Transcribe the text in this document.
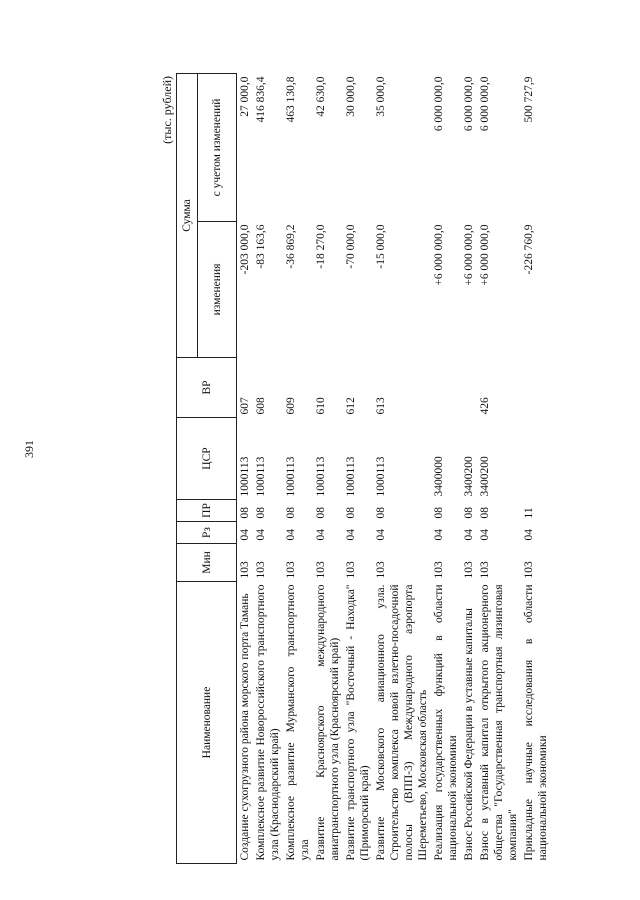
391
(тыс. рублей)
Наименование	Мин	Рз	ПР	ЦСР	ВР	Сумма	
						изменения	с учетом изменений
Создание сухогрузного района морского порта Тамань	103	04	08	1000113	607	-203 000,0	27 000,0
Комплексное развитие Новороссийского транспортного узла (Краснодарский край)	103	04	08	1000113	608	-83 163,6	416 836,4
Комплексное развитие Мурманского транспортного узла	103	04	08	1000113	609	-36 869,2	463 130,8
Развитие Красноярского международного авиатранспортного узла (Красноярский край)	103	04	08	1000113	610	-18 270,0	42 630,0
Развитие транспортного узла "Восточный - Находка" (Приморский край)	103	04	08	1000113	612	-70 000,0	30 000,0
Развитие Московского авиационного узла. Строительство комплекса новой взлетно-посадочной полосы (ВПП-3) Международного аэропорта Шереметьево, Московская область	103	04	08	1000113	613	-15 000,0	35 000,0
Реализация государственных функций в области национальной экономики	103	04	08	3400000		+6 000 000,0	6 000 000,0
Взнос Российской Федерации в уставные капиталы	103	04	08	3400200		+6 000 000,0	6 000 000,0
Взнос в уставный капитал открытого акционерного общества "Государственная транспортная лизинговая компания"	103	04	08	3400200	426	+6 000 000,0	6 000 000,0
Прикладные научные исследования в области национальной экономики	103	04	11			-226 760,9	500 727,9
